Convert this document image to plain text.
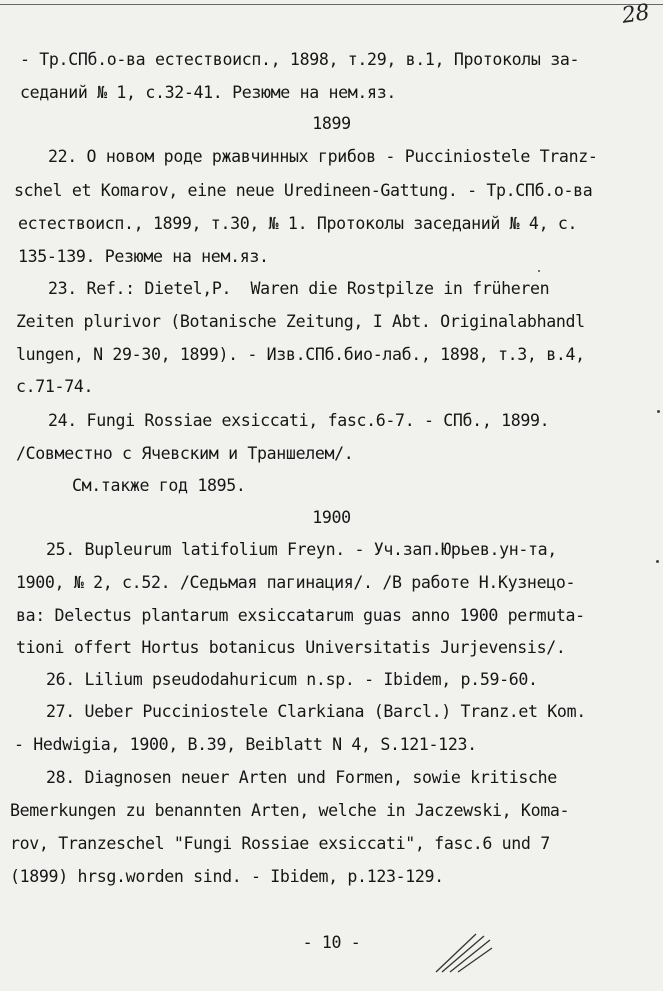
28
- Тр.СПб.о-ва естествоисп., 1898, т.29, в.1, Протоколы за-
седаний № 1, с.32-41. Резюме на нем.яз.
1899
22. О новом роде ржавчинных грибов - Pucciniostele Tranz-
schel et Komarov, eine neue Uredineen-Gattung. - Тр.СПб.о-ва
естествоисп., 1899, т.30, № 1. Протоколы заседаний № 4, с.
135-139. Резюме на нем.яз.
23. Ref.: Dietel,P.  Waren die Rostpilze in früheren
Zeiten plurivor (Botanische Zeitung, I Abt. Originalabhandl
lungen, N 29-30, 1899). - Изв.СПб.био-лаб., 1898, т.3, в.4,
с.71-74.
24. Fungi Rossiae exsiccati, fasc.6-7. - СПб., 1899.
/Совместно с Ячевским и Траншелем/.
См.также год 1895.
1900
25. Bupleurum latifolium Freyn. - Уч.зап.Юрьев.ун-та,
1900, № 2, с.52. /Седьмая пагинация/. /В работе Н.Кузнецо-
ва: Delectus plantarum exsiccatarum guas anno 1900 permuta-
tioni offert Hortus botanicus Universitatis Jurjevensis/.
26. Lilium pseudodahuricum n.sp. - Ibidem, p.59-60.
27. Ueber Pucciniostele Clarkiana (Barcl.) Tranz.et Kom.
- Hedwigia, 1900, B.39, Beiblatt N 4, S.121-123.
28. Diagnosen neuer Arten und Formen, sowie kritische
Bemerkungen zu benannten Arten, welche in Jaczewski, Koma-
rov, Tranzeschel "Fungi Rossiae exsiccati", fasc.6 und 7
(1899) hrsg.worden sind. - Ibidem, p.123-129.
- 10 -
